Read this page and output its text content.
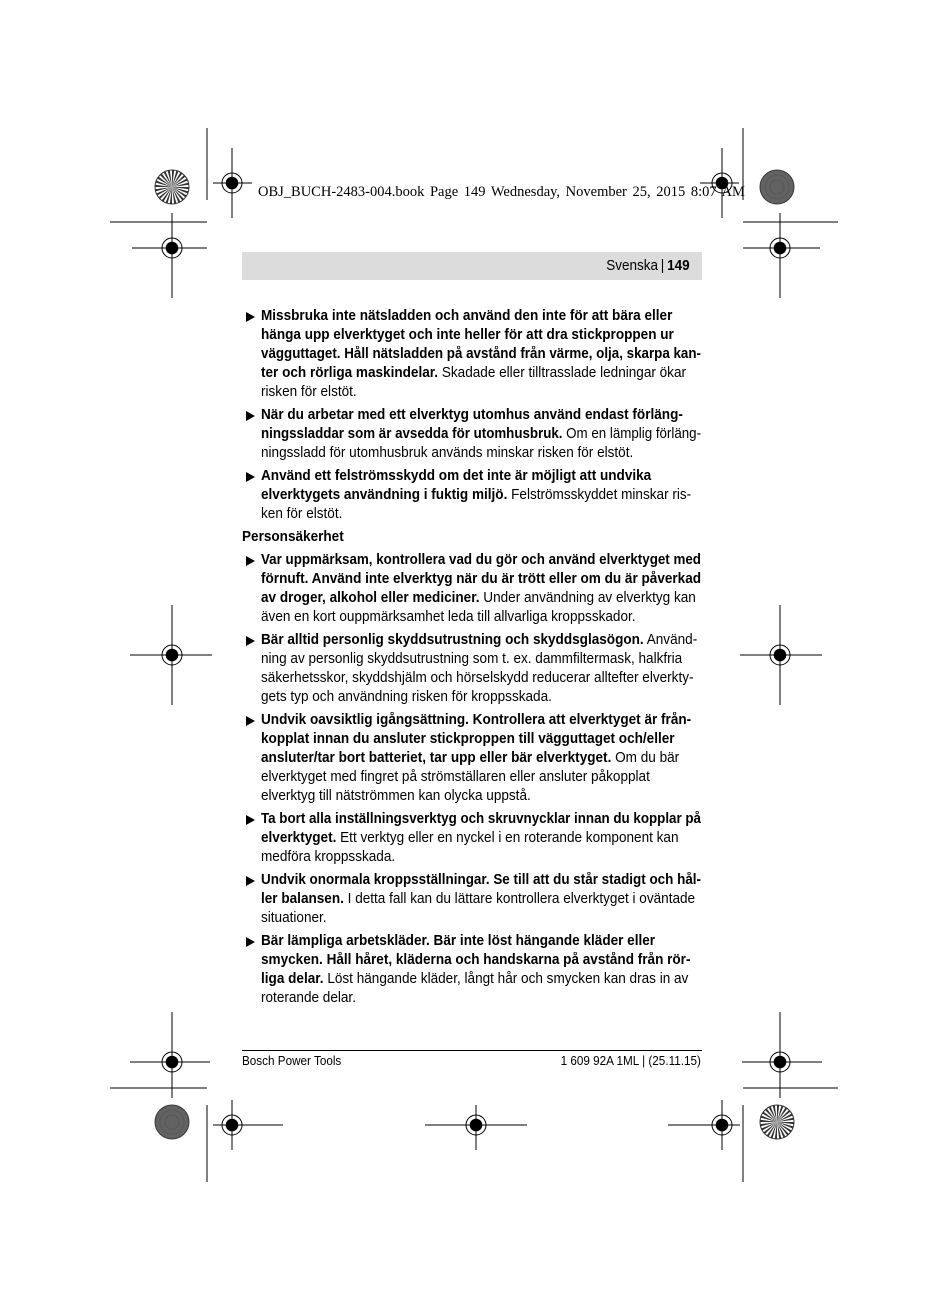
OBJ_BUCH-2483-004.book Page 149 Wednesday, November 25, 2015 8:07 AM
Svenska | 149
Missbruka inte nätsladden och använd den inte för att bära eller
hänga upp elverktyget och inte heller för att dra stickproppen ur
vägguttaget. Håll nätsladden på avstånd från värme, olja, skarpa kan-
ter och rörliga maskindelar. Skadade eller tilltrasslade ledningar ökar
risken för elstöt.
När du arbetar med ett elverktyg utomhus använd endast förläng-
ningssladdar som är avsedda för utomhusbruk. Om en lämplig förläng-
ningssladd för utomhusbruk används minskar risken för elstöt.
Använd ett felströmsskydd om det inte är möjligt att undvika
elverktygets användning i fuktig miljö. Felströmsskyddet minskar ris-
ken för elstöt.
Personsäkerhet
Var uppmärksam, kontrollera vad du gör och använd elverktyget med
förnuft. Använd inte elverktyg när du är trött eller om du är påverkad
av droger, alkohol eller mediciner. Under användning av elverktyg kan
även en kort ouppmärksamhet leda till allvarliga kroppsskador.
Bär alltid personlig skyddsutrustning och skyddsglasögon. Använd-
ning av personlig skyddsutrustning som t. ex. dammfiltermask, halkfria
säkerhetsskor, skyddshjälm och hörselskydd reducerar alltefter elverkty-
gets typ och användning risken för kroppsskada.
Undvik oavsiktlig igångsättning. Kontrollera att elverktyget är från-
kopplat innan du ansluter stickproppen till vägguttaget och/eller
ansluter/tar bort batteriet, tar upp eller bär elverktyget. Om du bär
elverktyget med fingret på strömställaren eller ansluter påkopplat
elverktyg till nätströmmen kan olycka uppstå.
Ta bort alla inställningsverktyg och skruvnycklar innan du kopplar på
elverktyget. Ett verktyg eller en nyckel i en roterande komponent kan
medföra kroppsskada.
Undvik onormala kroppsställningar. Se till att du står stadigt och hål-
ler balansen. I detta fall kan du lättare kontrollera elverktyget i oväntade
situationer.
Bär lämpliga arbetskläder. Bär inte löst hängande kläder eller
smycken. Håll håret, kläderna och handskarna på avstånd från rör-
liga delar. Löst hängande kläder, långt hår och smycken kan dras in av
roterande delar.
Bosch Power Tools	1 609 92A 1ML | (25.11.15)
